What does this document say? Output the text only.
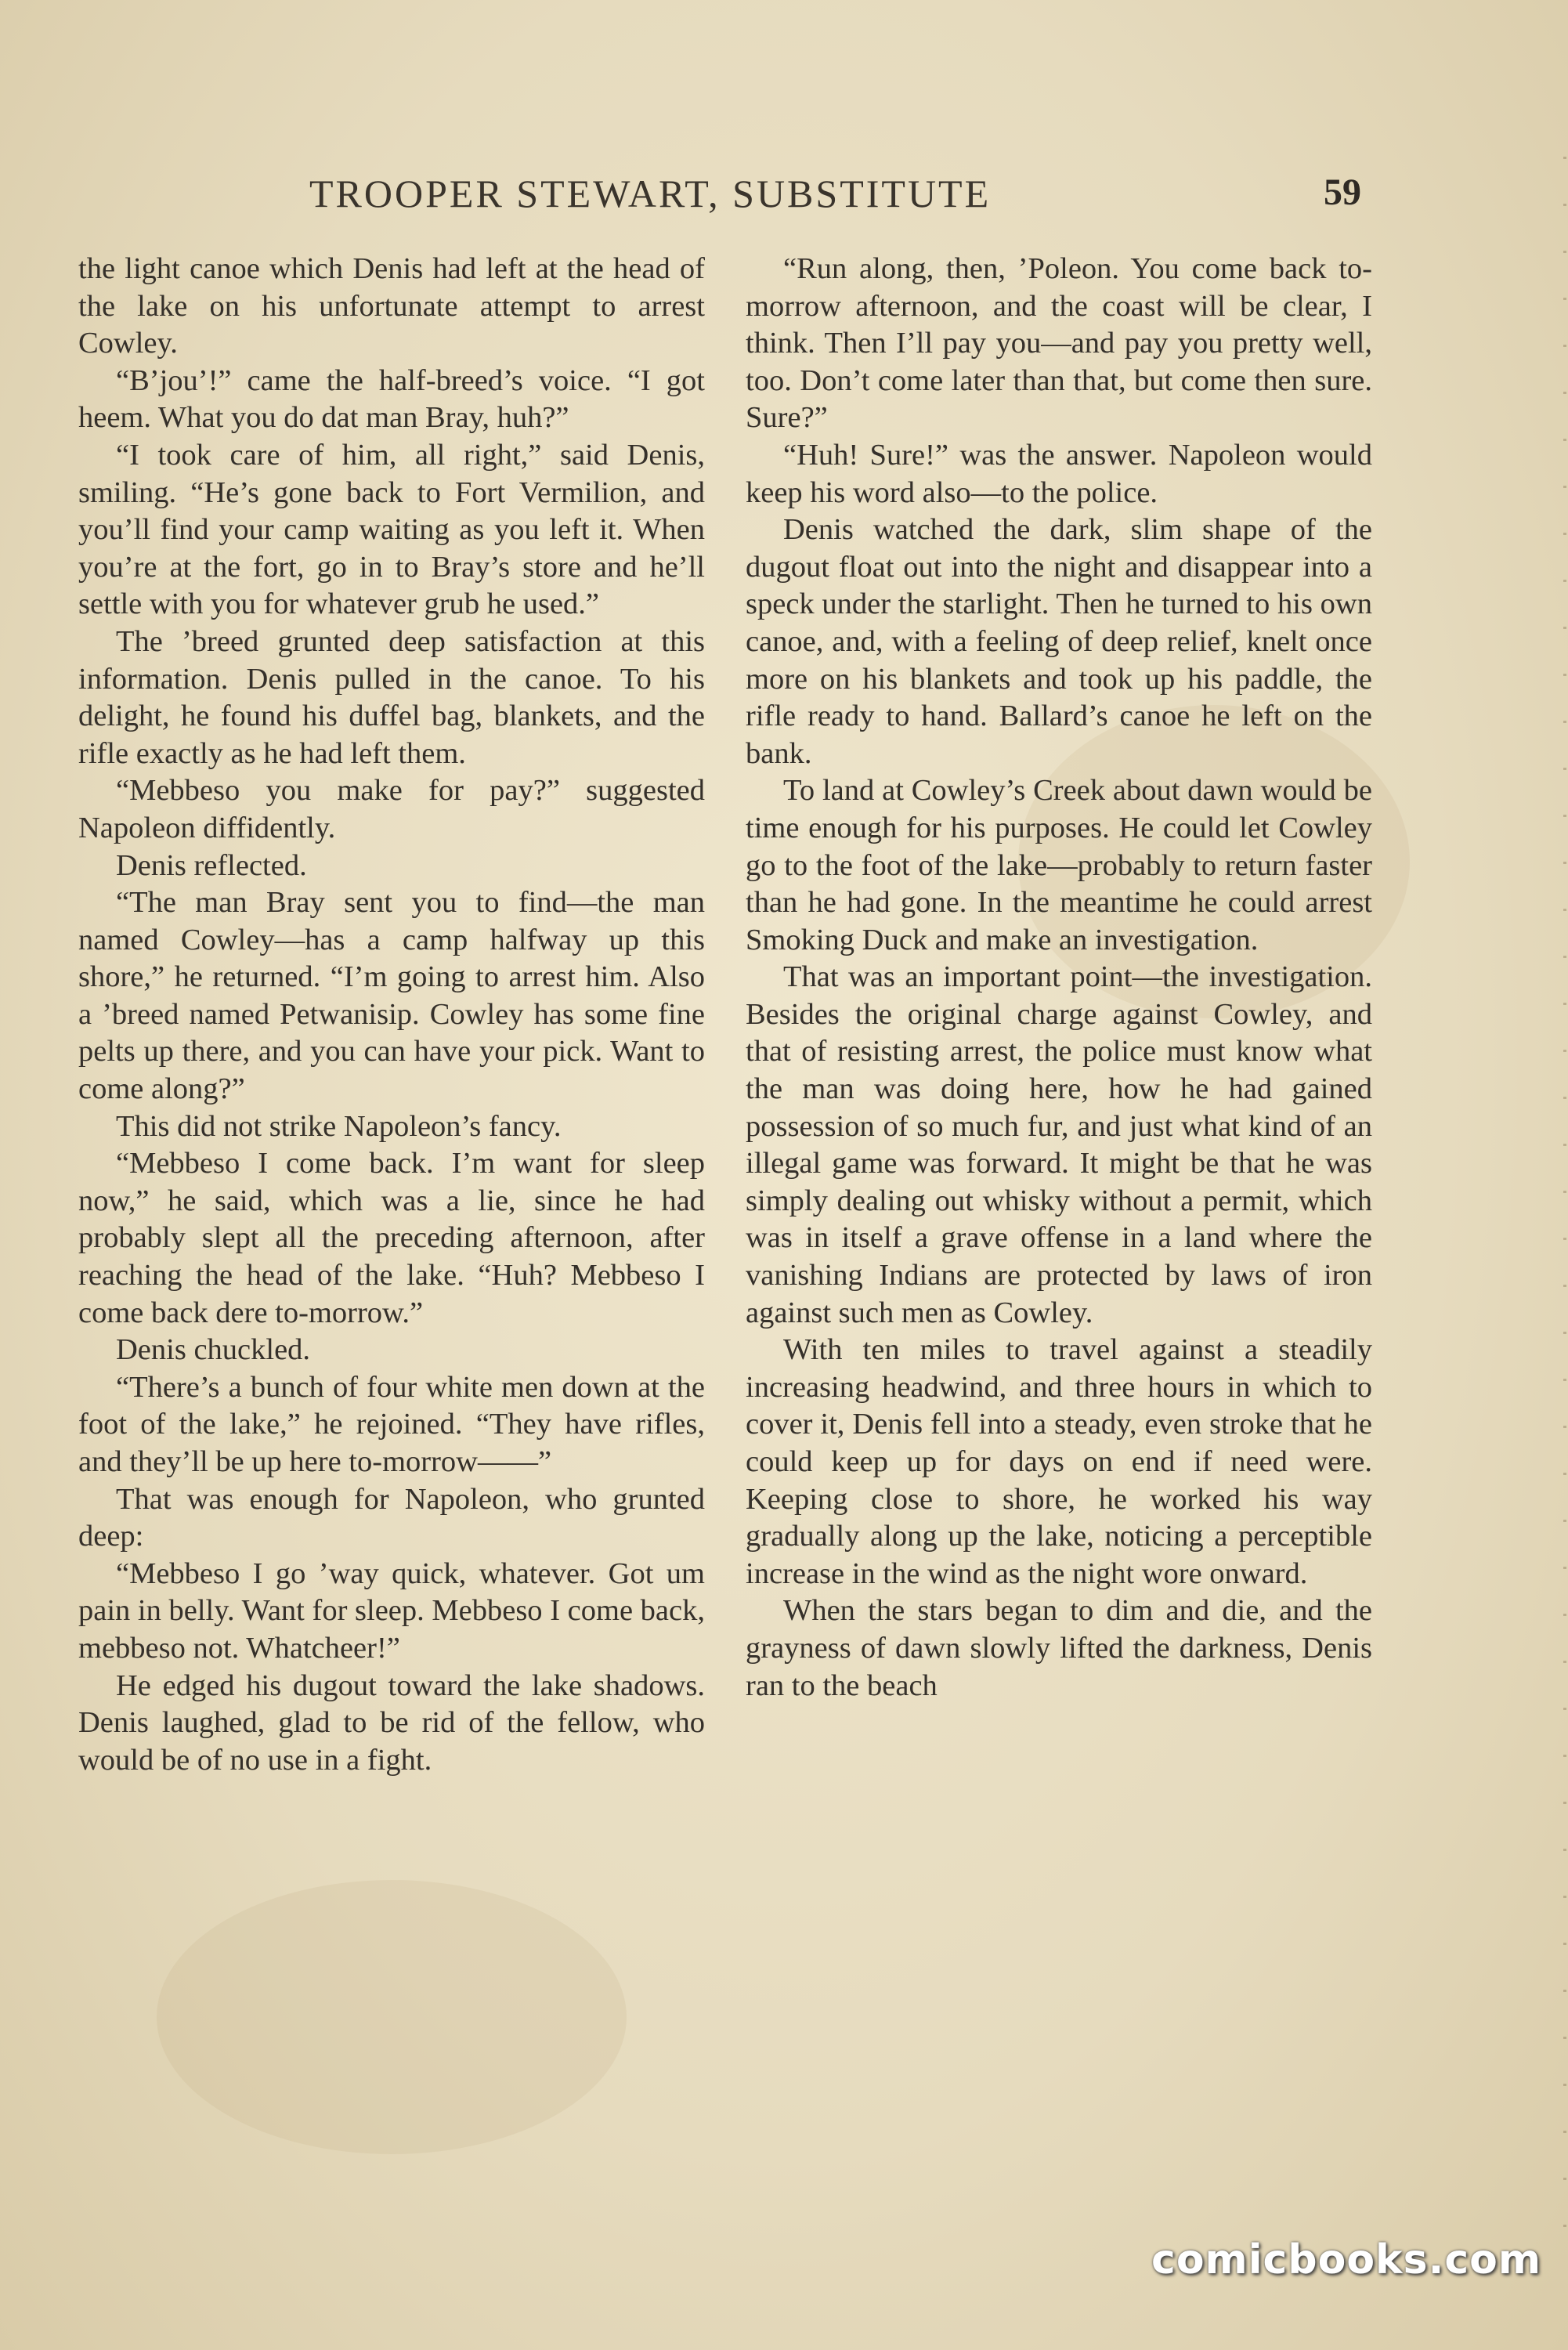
TROOPER STEWART, SUBSTITUTE	59

the light canoe which Denis had left at the head of the lake on his unfortunate attempt to arrest Cowley.

“B’jou’!” came the half-breed’s voice. “I got heem. What you do dat man Bray, huh?”

“I took care of him, all right,” said Denis, smiling. “He’s gone back to Fort Vermilion, and you’ll find your camp waiting as you left it. When you’re at the fort, go in to Bray’s store and he’ll settle with you for whatever grub he used.”

The ’breed grunted deep satisfaction at this information. Denis pulled in the canoe. To his delight, he found his duffel bag, blankets, and the rifle exactly as he had left them.

“Mebbeso you make for pay?” suggested Napoleon diffidently.

Denis reflected.

“The man Bray sent you to find—the man named Cowley—has a camp halfway up this shore,” he returned. “I’m going to arrest him. Also a ’breed named Petwanisip. Cowley has some fine pelts up there, and you can have your pick. Want to come along?”

This did not strike Napoleon’s fancy.

“Mebbeso I come back. I’m want for sleep now,” he said, which was a lie, since he had probably slept all the preceding afternoon, after reaching the head of the lake. “Huh? Mebbeso I come back dere to-morrow.”

Denis chuckled.

“There’s a bunch of four white men down at the foot of the lake,” he rejoined. “They have rifles, and they’ll be up here to-morrow——”

That was enough for Napoleon, who grunted deep:

“Mebbeso I go ’way quick, whatever. Got um pain in belly. Want for sleep. Mebbeso I come back, mebbeso not. Whatcheer!”

He edged his dugout toward the lake shadows. Denis laughed, glad to be rid of the fellow, who would be of no use in a fight.

“Run along, then, ’Poleon. You come back to-morrow afternoon, and the coast will be clear, I think. Then I’ll pay you—and pay you pretty well, too. Don’t come later than that, but come then sure. Sure?”

“Huh! Sure!” was the answer. Napoleon would keep his word also—to the police.

Denis watched the dark, slim shape of the dugout float out into the night and disappear into a speck under the starlight. Then he turned to his own canoe, and, with a feeling of deep relief, knelt once more on his blankets and took up his paddle, the rifle ready to hand. Ballard’s canoe he left on the bank.

To land at Cowley’s Creek about dawn would be time enough for his purposes. He could let Cowley go to the foot of the lake—probably to return faster than he had gone. In the meantime he could arrest Smoking Duck and make an investigation.

That was an important point—the investigation. Besides the original charge against Cowley, and that of resisting arrest, the police must know what the man was doing here, how he had gained possession of so much fur, and just what kind of an illegal game was forward. It might be that he was simply dealing out whisky without a permit, which was in itself a grave offense in a land where the vanishing Indians are protected by laws of iron against such men as Cowley.

With ten miles to travel against a steadily increasing headwind, and three hours in which to cover it, Denis fell into a steady, even stroke that he could keep up for days on end if need were. Keeping close to shore, he worked his way gradually along up the lake, noticing a perceptible increase in the wind as the night wore onward.

When the stars began to dim and die, and the grayness of dawn slowly lifted the darkness, Denis ran to the beach

comicbooks.com
